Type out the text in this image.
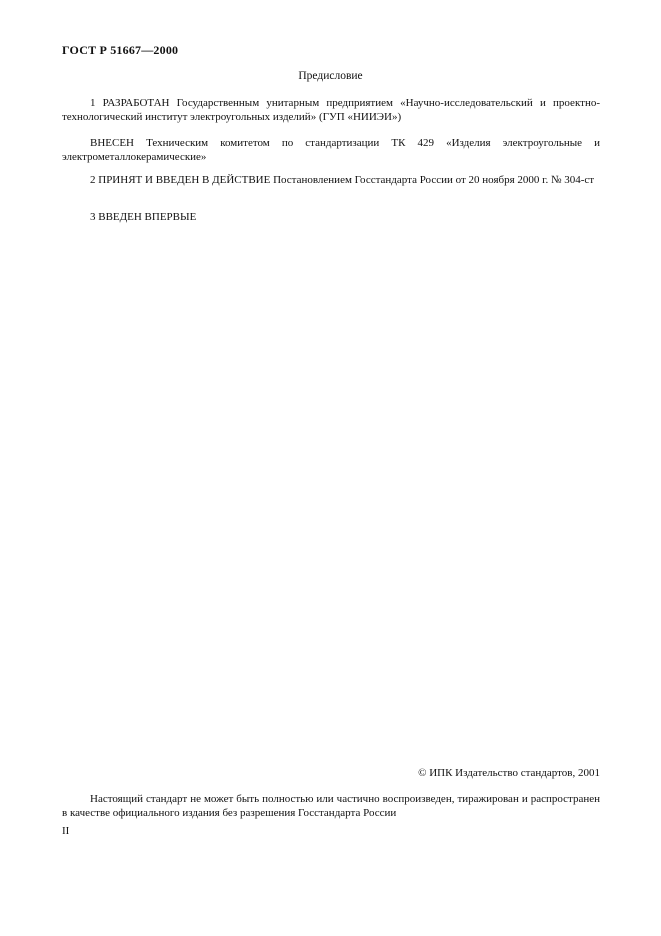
ГОСТ Р 51667—2000
Предисловие
1 РАЗРАБОТАН Государственным унитарным предприятием «Научно-исследовательский и проектно-технологический институт электроугольных изделий» (ГУП «НИИЭИ»)
ВНЕСЕН Техническим комитетом по стандартизации ТК 429 «Изделия электроугольные и электрометаллокерамические»
2 ПРИНЯТ И ВВЕДЕН В ДЕЙСТВИЕ Постановлением Госстандарта России от 20 ноября 2000 г. № 304-ст
3 ВВЕДЕН ВПЕРВЫЕ
© ИПК Издательство стандартов, 2001
Настоящий стандарт не может быть полностью или частично воспроизведен, тиражирован и распространен в качестве официального издания без разрешения Госстандарта России
II
